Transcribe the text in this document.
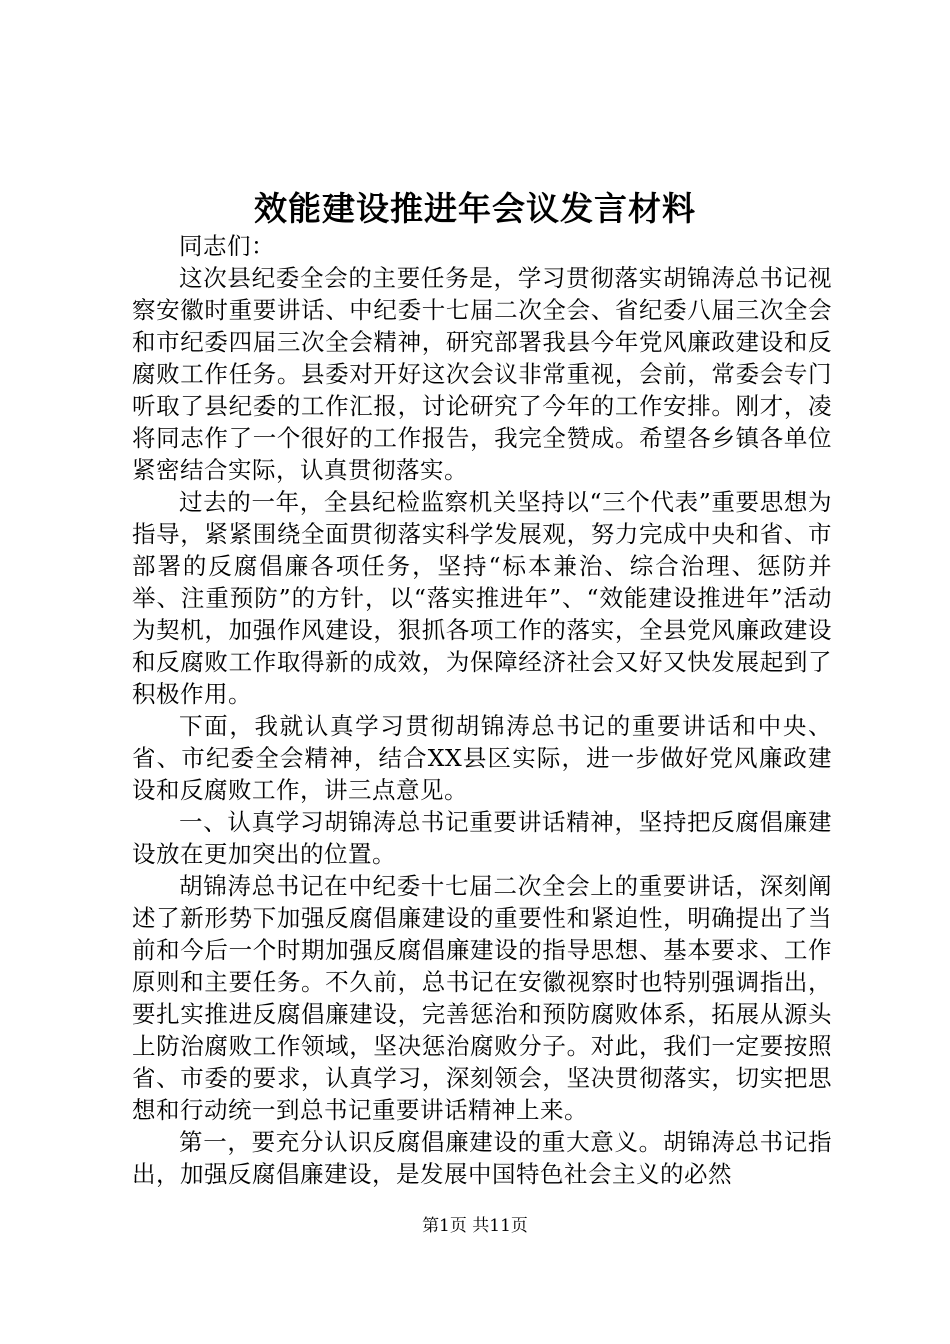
效能建设推进年会议发言材料

同志们：

这次县纪委全会的主要任务是，学习贯彻落实胡锦涛总书记视察安徽时重要讲话、中纪委十七届二次全会、省纪委八届三次全会和市纪委四届三次全会精神，研究部署我县今年党风廉政建设和反腐败工作任务。县委对开好这次会议非常重视，会前，常委会专门听取了县纪委的工作汇报，讨论研究了今年的工作安排。刚才，凌将同志作了一个很好的工作报告，我完全赞成。希望各乡镇各单位紧密结合实际，认真贯彻落实。

过去的一年，全县纪检监察机关坚持以“三个代表”重要思想为指导，紧紧围绕全面贯彻落实科学发展观，努力完成中央和省、市部署的反腐倡廉各项任务，坚持“标本兼治、综合治理、惩防并举、注重预防”的方针，以“落实推进年”、“效能建设推进年”活动为契机，加强作风建设，狠抓各项工作的落实，全县党风廉政建设和反腐败工作取得新的成效，为保障经济社会又好又快发展起到了积极作用。

下面，我就认真学习贯彻胡锦涛总书记的重要讲话和中央、省、市纪委全会精神，结合XX县区实际，进一步做好党风廉政建设和反腐败工作，讲三点意见。

一、认真学习胡锦涛总书记重要讲话精神，坚持把反腐倡廉建设放在更加突出的位置。

胡锦涛总书记在中纪委十七届二次全会上的重要讲话，深刻阐述了新形势下加强反腐倡廉建设的重要性和紧迫性，明确提出了当前和今后一个时期加强反腐倡廉建设的指导思想、基本要求、工作原则和主要任务。不久前，总书记在安徽视察时也特别强调指出，要扎实推进反腐倡廉建设，完善惩治和预防腐败体系，拓展从源头上防治腐败工作领域，坚决惩治腐败分子。对此，我们一定要按照省、市委的要求，认真学习，深刻领会，坚决贯彻落实，切实把思想和行动统一到总书记重要讲话精神上来。

第一，要充分认识反腐倡廉建设的重大意义。胡锦涛总书记指出，加强反腐倡廉建设，是发展中国特色社会主义的必然

第1页 共11页
